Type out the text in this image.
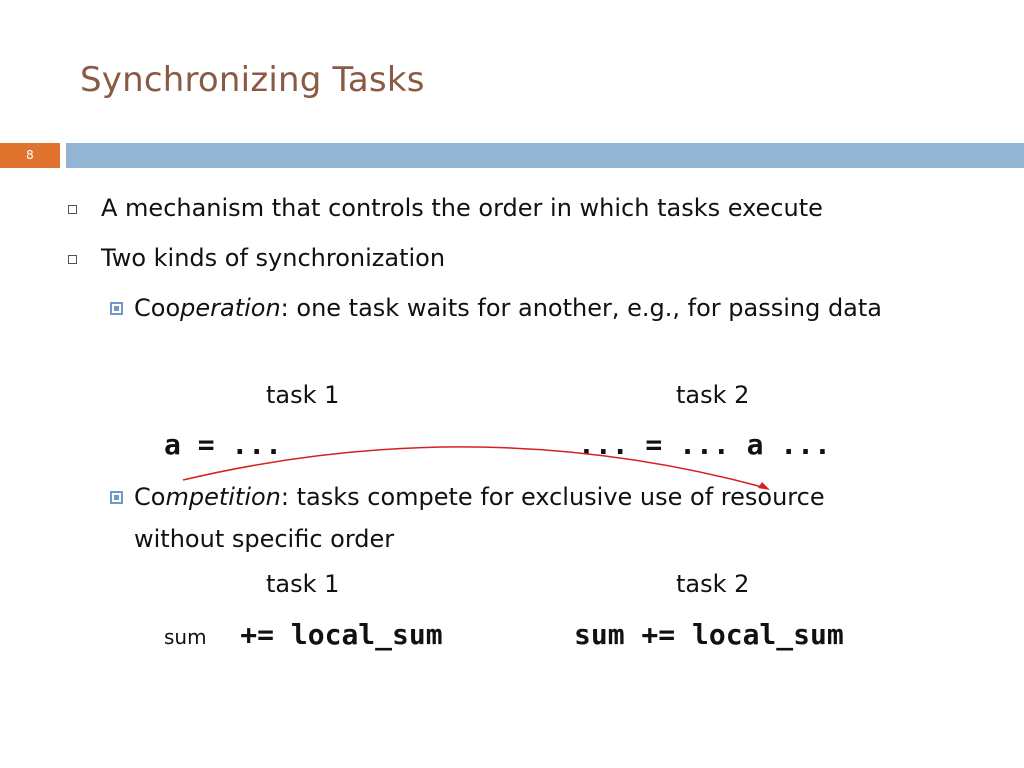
Synchronizing Tasks
8
A mechanism that controls the order in which tasks execute
Two kinds of synchronization
Cooperation: one task waits for another, e.g., for passing data
task 1	task 2
a = ...	... = ... a ...
Competition: tasks compete for exclusive use of resource without specific order
task 1	task 2
sum += local_sum	sum += local_sum
